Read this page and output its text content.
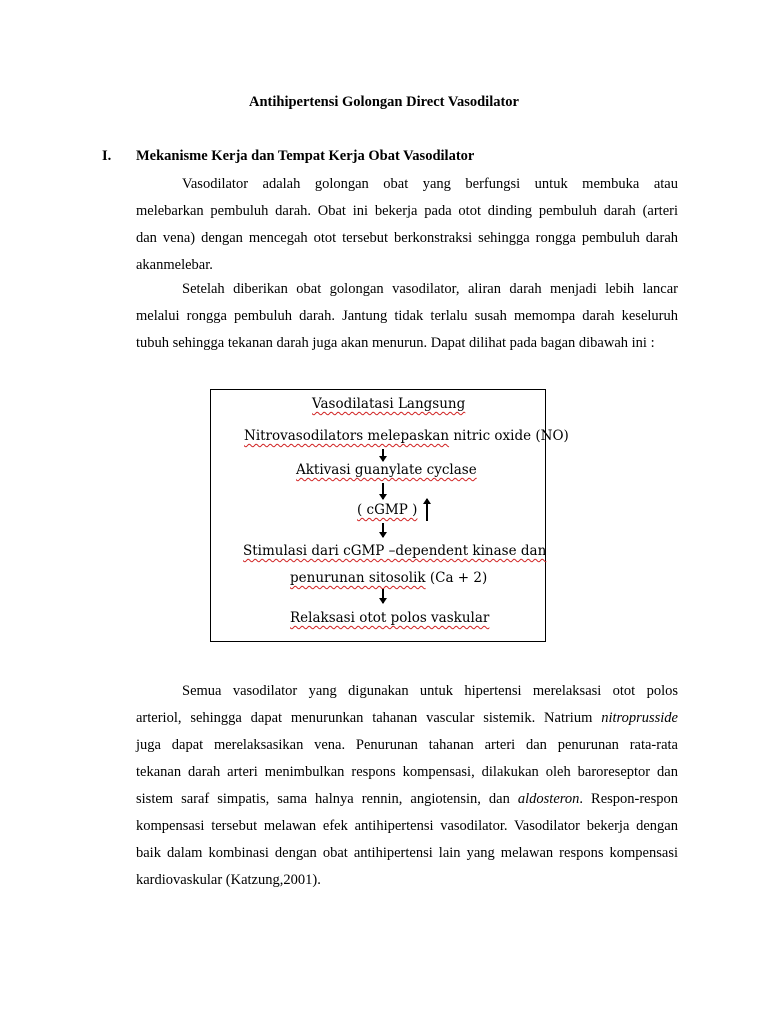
Antihipertensi Golongan Direct Vasodilator
I. Mekanisme Kerja dan Tempat Kerja Obat Vasodilator
Vasodilator adalah golongan obat yang berfungsi untuk membuka atau
melebarkan pembuluh darah. Obat ini bekerja pada otot dinding pembuluh darah (arteri
dan vena) dengan mencegah otot tersebut berkonstraksi sehingga rongga pembuluh darah
akanmelebar.
Setelah diberikan obat golongan vasodilator, aliran darah menjadi lebih lancar
melalui rongga pembuluh darah. Jantung tidak terlalu susah memompa darah keseluruh
tubuh sehingga tekanan darah juga akan menurun. Dapat dilihat pada bagan dibawah ini :
Vasodilatasi Langsung
Nitrovasodilators melepaskan nitric oxide (NO)
Aktivasi guanylate cyclase
( cGMP )
Stimulasi dari cGMP –dependent kinase dan
penurunan sitosolik (Ca + 2)
Relaksasi otot polos vaskular
Semua vasodilator yang digunakan untuk hipertensi merelaksasi otot polos
arteriol, sehingga dapat menurunkan tahanan vascular sistemik. Natrium nitroprusside
juga dapat merelaksasikan vena. Penurunan tahanan arteri dan penurunan rata-rata
tekanan darah arteri menimbulkan respons kompensasi, dilakukan oleh baroreseptor dan
sistem saraf simpatis, sama halnya rennin, angiotensin, dan aldosteron. Respon-respon
kompensasi tersebut melawan efek antihipertensi vasodilator. Vasodilator bekerja dengan
baik dalam kombinasi dengan obat antihipertensi lain yang melawan respons kompensasi
kardiovaskular (Katzung,2001).
